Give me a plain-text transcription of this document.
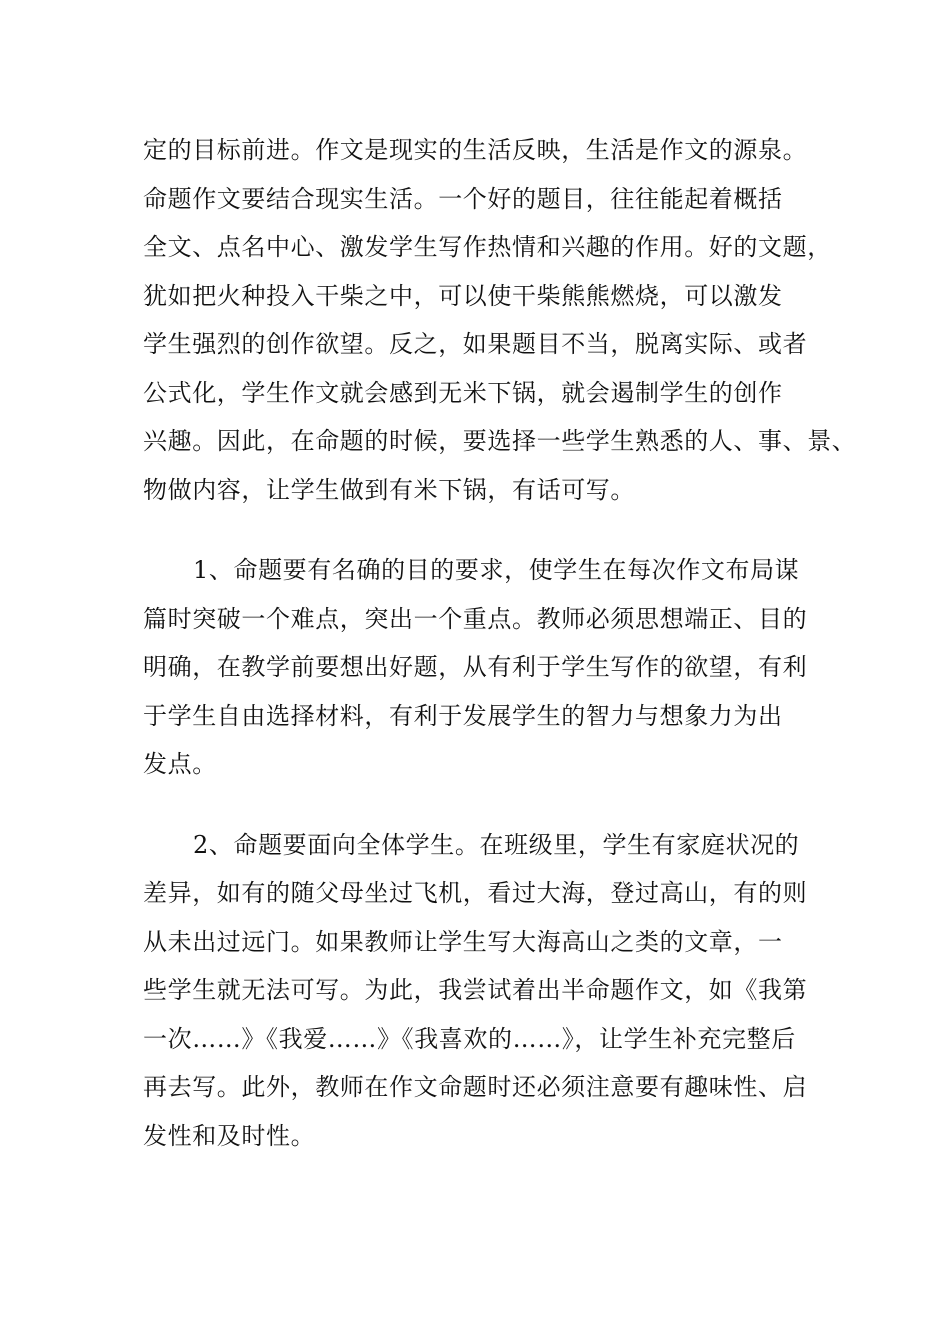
定的目标前进。作文是现实的生活反映，生活是作文的源泉。
命题作文要结合现实生活。一个好的题目，往往能起着概括
全文、点名中心、激发学生写作热情和兴趣的作用。好的文题，
犹如把火种投入干柴之中，可以使干柴熊熊燃烧，可以激发
学生强烈的创作欲望。反之，如果题目不当，脱离实际、或者
公式化，学生作文就会感到无米下锅，就会遏制学生的创作
兴趣。因此，在命题的时候，要选择一些学生熟悉的人、事、景、
物做内容，让学生做到有米下锅，有话可写。
1、命题要有名确的目的要求，使学生在每次作文布局谋
篇时突破一个难点，突出一个重点。教师必须思想端正、目的
明确，在教学前要想出好题，从有利于学生写作的欲望，有利
于学生自由选择材料，有利于发展学生的智力与想象力为出
发点。
2、命题要面向全体学生。在班级里，学生有家庭状况的
差异，如有的随父母坐过飞机，看过大海，登过高山，有的则
从未出过远门。如果教师让学生写大海高山之类的文章，一
些学生就无法可写。为此，我尝试着出半命题作文，如《我第
一次……》《我爱……》《我喜欢的……》，让学生补充完整后
再去写。此外，教师在作文命题时还必须注意要有趣味性、启
发性和及时性。
